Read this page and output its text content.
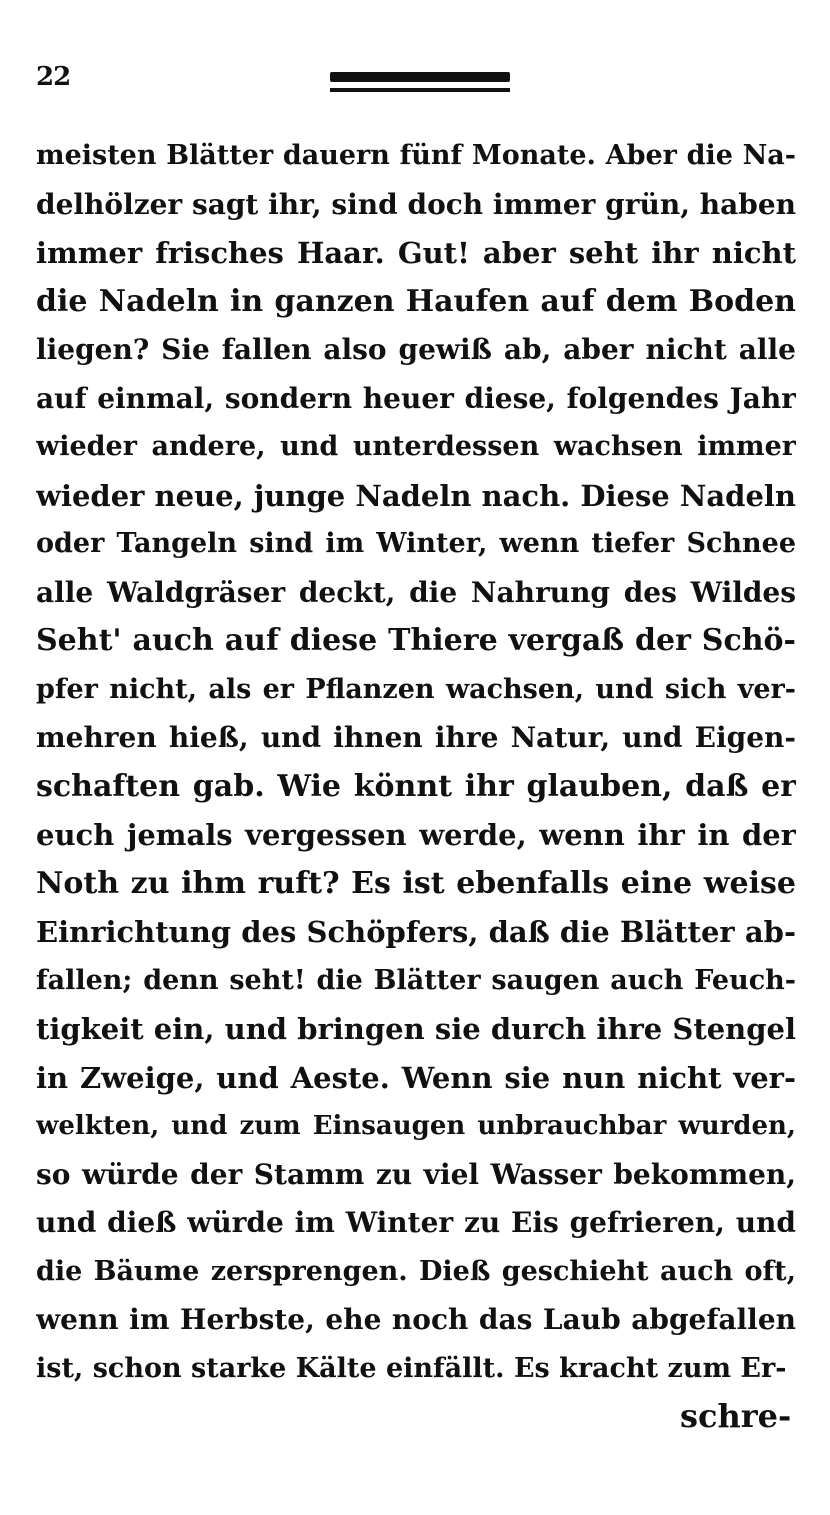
22
meisten Blätter dauern fünf Monate. Aber die Na-
delhölzer sagt ihr, sind doch immer grün, haben
immer frisches Haar. Gut! aber seht ihr nicht
die Nadeln in ganzen Haufen auf dem Boden
liegen? Sie fallen also gewiß ab, aber nicht alle
auf einmal, sondern heuer diese, folgendes Jahr
wieder andere, und unterdessen wachsen immer
wieder neue, junge Nadeln nach. Diese Nadeln
oder Tangeln sind im Winter, wenn tiefer Schnee
alle Waldgräser deckt, die Nahrung des Wildes
Seht' auch auf diese Thiere vergaß der Schö-
pfer nicht, als er Pflanzen wachsen, und sich ver-
mehren hieß, und ihnen ihre Natur, und Eigen-
schaften gab. Wie könnt ihr glauben, daß er
euch jemals vergessen werde, wenn ihr in der
Noth zu ihm ruft? Es ist ebenfalls eine weise
Einrichtung des Schöpfers, daß die Blätter ab-
fallen; denn seht! die Blätter saugen auch Feuch-
tigkeit ein, und bringen sie durch ihre Stengel
in Zweige, und Aeste. Wenn sie nun nicht ver-
welkten, und zum Einsaugen unbrauchbar wurden,
so würde der Stamm zu viel Wasser bekommen,
und dieß würde im Winter zu Eis gefrieren, und
die Bäume zersprengen. Dieß geschieht auch oft,
wenn im Herbste, ehe noch das Laub abgefallen
ist, schon starke Kälte einfällt. Es kracht zum Er-
schre-
